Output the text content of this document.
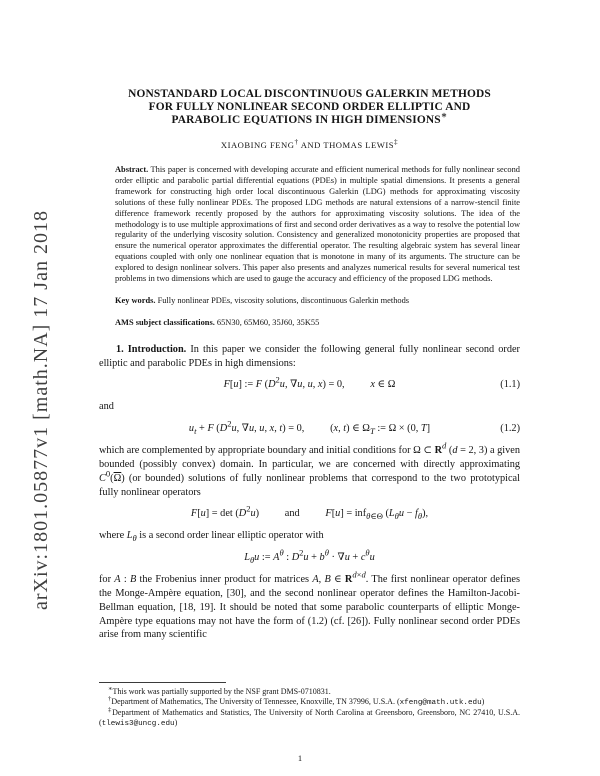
arXiv:1801.05877v1 [math.NA] 17 Jan 2018
NONSTANDARD LOCAL DISCONTINUOUS GALERKIN METHODS
FOR FULLY NONLINEAR SECOND ORDER ELLIPTIC AND
PARABOLIC EQUATIONS IN HIGH DIMENSIONS∗
XIAOBING FENG† AND THOMAS LEWIS‡

Abstract. This paper is concerned with developing accurate and efficient numerical methods for fully nonlinear second order elliptic and parabolic partial differential equations (PDEs) in multiple spatial dimensions. It presents a general framework for constructing high order local discontinuous Galerkin (LDG) methods for approximating viscosity solutions of these fully nonlinear PDEs. The proposed LDG methods are natural extensions of a narrow-stencil finite difference framework recently proposed by the authors for approximating viscosity solutions. The idea of the methodology is to use multiple approximations of first and second order derivatives as a way to resolve the potential low regularity of the underlying viscosity solution. Consistency and generalized monotonicity properties are proposed that ensure the numerical operator approximates the differential operator. The resulting algebraic system has several linear equations coupled with only one nonlinear equation that is monotone in many of its arguments. The structure can be explored to design nonlinear solvers. This paper also presents and analyzes numerical results for several numerical test problems in two dimensions which are used to gauge the accuracy and efficiency of the proposed LDG methods.

Key words. Fully nonlinear PDEs, viscosity solutions, discontinuous Galerkin methods

AMS subject classifications. 65N30, 65M60, 35J60, 35K55

1. Introduction. In this paper we consider the following general fully nonlinear second order elliptic and parabolic PDEs in high dimensions:

F[u] := F ($D^2u$, ∇u, u, x) = 0,    x ∈ Ω	(1.1)

and

$u_t + F$ ($D^2u$, ∇u, u, x, t) = 0,    (x, t) ∈ $\Omega_T$ := Ω × (0, T]	(1.2)

which are complemented by appropriate boundary and initial conditions for Ω ⊂ $R^d$ (d = 2, 3) a given bounded (possibly convex) domain. In particular, we are concerned with directly approximating $C^0(\overline{\Omega})$ (or bounded) solutions of fully nonlinear problems that correspond to the two prototypical fully nonlinear operators

$F[u] = \det (D^2u)$    and    F[u] = inf$_{\theta\in\Theta}$ $(L_\theta u - f_\theta)$,

where $L_\theta$ is a second order linear elliptic operator with

$L_\theta u$ := $A^\theta$ : $D^2u + b^\theta \cdot \nabla u + c^\theta u$

for A : B the Frobenius inner product for matrices A, B ∈ $R^{d\times d}$. The first nonlinear operator defines the Monge-Ampère equation, [30], and the second nonlinear operator defines the Hamilton-Jacobi-Bellman equation, [18, 19]. It should be noted that some parabolic counterparts of elliptic Monge-Ampère type equations may not have the form of (1.2) (cf. [26]). Fully nonlinear second order PDEs arise from many scientific

∗This work was partially supported by the NSF grant DMS-0710831.

†Department of Mathematics, The University of Tennessee, Knoxville, TN 37996, U.S.A. (xfeng@math.utk.edu)

‡Department of Mathematics and Statistics, The University of North Carolina at Greensboro, Greensboro, NC 27410, U.S.A. (tlewis3@uncg.edu)

1
